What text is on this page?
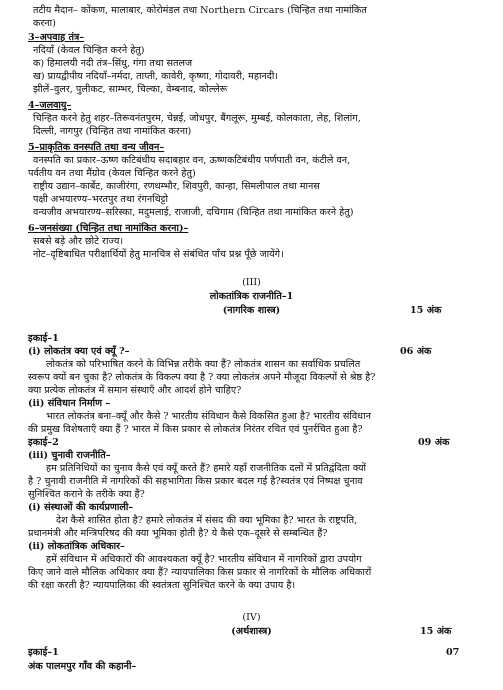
तटीय मैदान– कोंकण, मालाबार, कोरोमंडल तथा Northern Circars (चिन्हित तथा नामांकित
करना)
3–अपवाह तंत्र–
नदियाँ (केवल चिन्हित करने हेतु)
क) हिमालयी नदी तंत्र–सिंधु, गंगा तथा सतलज
ख) प्रायद्वीपीय नदियाँ–नर्मदा, ताप्ती, कावेरी, कृष्णा, गोदावरी, महानदी।
झीलें–वुलर, पुलीकट, साम्भर, चिल्का, वेम्बनाद, कोल्लेरू
4–जलवायु–
चिन्हित करने हेतु शहर–तिरूवनंतपुरम, चेन्नई, जोधपुर, बैंगलूरू, मुम्बई, कोलकाता, लेह, शिलांग,
दिल्ली, नागपुर (चिन्हित तथा नामांकित करना)
5–प्राकृतिक वनस्पति तथा वन्य जीवन–
वनस्पति का प्रकार–ऊष्ण कटिबंधीय सदाबहार वन, ऊष्णकटिबंधीय पर्णपाती वन, कंटीले वन,
पर्वतीय वन तथा मैंग्रोव (केवल चिन्हित करने हेतु)
राष्ट्रीय उद्यान–कार्बेट, काजीरंगा, रणथम्भौर, शिवपुरी, कान्हा, सिमलीपाल तथा मानस
पक्षी अभयारण्य–भरतपुर तथा रंगनथिट्टो
वन्यजीव अभयारण्य–सरिस्का, मदुमलाई, राजाजी, दचिगाम (चिन्हित तथा नामांकित करने हेतु)
6–जनसंख्या (चिन्हित तथा नामांकित करना)–
सबसे बड़े और छोटे राज्य।
नोट–दृष्टिबाधित परीक्षार्थियों हेतु मानचित्र से संबंधित पाँच प्रश्न पूँछे जायेंगे।
(III)
लोकतांत्रिक राजनीति–1
(नागरिक शास्त्र)	15 अंक
इकाई–1
(i) लोकतंत्र क्या एवं क्यूँ ?–	06 अंक
लोकतंत्र को परिभाषित करने के विभिन्न तरीके क्या हैं? लोकतंत्र शासन का सर्वाधिक प्रचलित
स्वरूप क्यों बन चुका है? लोकतंत्र के विकल्प क्या है ? क्या लोकतंत्र अपने मौजूदा विकल्पों से श्रेष्ठ है?
क्या प्रत्येक लोकतंत्र में समान संस्थाएँ और आदर्श होने चाहिए?
(ii) संविधान निर्माण –
भारत लोकतंत्र बना–क्यूँ और कैसे ? भारतीय संविधान कैसे विकसित हुआ है? भारतीय संविधान
की प्रमुख विशेषताएँ क्या हैं ? भारत में किस प्रकार से लोकतंत्र निरंतर रचित एवं पुनर्रचित हुआ है?
इकाई–2	09 अंक
(iii) चुनावी राजनीति–
हम प्रतिनिधियों का चुनाव कैसे एवं क्यूँ करते हैं? हमारे यहाँ राजनीतिक दलों में प्रतिद्वंदिता क्यों
है ? चुनावी राजनीति में नागरिकों की सहभागिता किस प्रकार बदल गई है?स्वतंत्र एवं निष्पक्ष चुनाव
सुनिश्चित कराने के तरीके क्या हैं?
(i) संस्थाओं की कार्यप्रणाली–
देश कैसे शासित होता है? हमारे लोकतंत्र में संसद की क्या भूमिका है? भारत के राष्ट्रपति,
प्रधानमंत्री और मन्त्रिपरिषद की क्या भूमिका होती है? ये कैसे एक–दूसरे से सम्बन्धित हैं?
(ii) लोकतांत्रिक अधिकार–
हमें संविधान में अधिकारों की आवश्यकता क्यूँ है? भारतीय संविधान में नागरिकों द्वारा उपयोग
किए जाने वाले मौलिक अधिकार क्या हैं? न्यायपालिका किस प्रकार से नागरिकों के मौलिक अधिकारों
की रक्षा करती है? न्यायपालिका की स्वतंत्रता सुनिश्चित करने के क्या उपाय है।
(IV)
(अर्थशास्त्र)	15 अंक
इकाई–1	07
अंक पालमपुर गाँव की कहानी–
